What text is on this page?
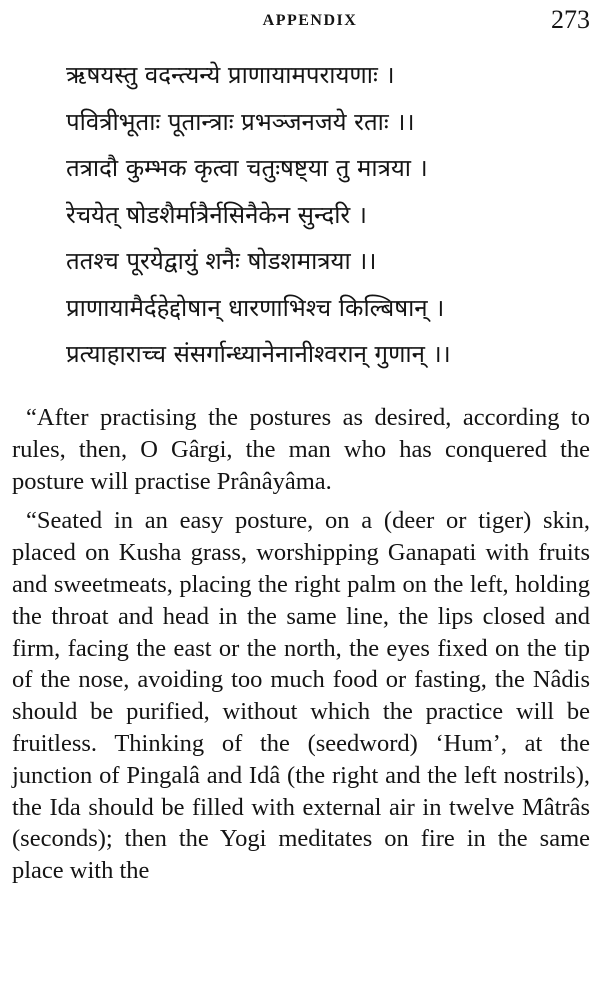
APPENDIX	273
ऋषयस्तु वदन्त्यन्ये प्राणायामपरायणाः ।
पवित्रीभूताः पूतान्त्राः प्रभञ्जनजये रताः ।।
तत्रादौ कुम्भक कृत्वा चतुःषष्ट्या तु मात्रया ।
रेचयेत् षोडशैर्मात्रैर्नसिनैकेन सुन्दरि ।
ततश्च पूरयेद्वायुं शनैः षोडशमात्रया ।।
प्राणायामैर्दहेद्दोषान् धारणाभिश्च किल्बिषान् ।
प्रत्याहाराच्च संसर्गान्ध्यानेनानीश्वरान् गुणान् ।।

“After practising the postures as desired, according to rules, then, O Gârgi, the man who has conquered the posture will practise Prânâyâma.

“Seated in an easy posture, on a (deer or tiger) skin, placed on Kusha grass, worshipping Ganapati with fruits and sweetmeats, placing the right palm on the left, holding the throat and head in the same line, the lips closed and firm, facing the east or the north, the eyes fixed on the tip of the nose, avoiding too much food or fasting, the Nâdis should be purified, without which the practice will be fruitless. Thinking of the (seedword) ‘Hum’, at the junction of Pingalâ and Idâ (the right and the left nostrils), the Ida should be filled with external air in twelve Mâtrâs (seconds); then the Yogi meditates on fire in the same place with the
